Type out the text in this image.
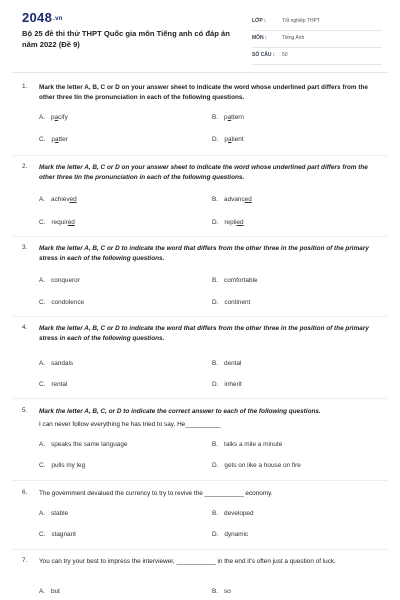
2048.vn
Bộ 25 đề thi thử THPT Quốc gia môn Tiếng anh có đáp án năm 2022 (Đề 9)
LỚP :	Tốt nghiệp THPT
MÔN :	Tiếng Anh
SỐ CÂU : 50
1. Mark the letter A, B, C or D on your answer sheet to indicate the word whose underlined part differs from the other three tin the pronunciation in each of the following questions.
A. pacify	B. pattern
C. patter	D. patient
2. Mark the letter A, B, C or D on your answer sheet to indicate the word whose underlined part differs from the other three tin the pronunciation in each of the following questions.
A. achieved	B. advanced
C. required	D. replied
3. Mark the letter A, B, C or D to indicate the word that differs from the other three in the position of the primary stress in each of the following questions.
A. conqueror	B. comfortable
C. condolence	D. continent
4. Mark the letter A, B, C or D to indicate the word that differs from the other three in the position of the primary stress in each of the following questions.
A. sandals	B. dental
C. rental	D. inherit
5. Mark the letter A, B, C, or D to indicate the correct answer to each of the following questions.
I can never follow everything he has tried to say. He__________
A. speaks the same language	B. talks a mile a minute
C. pulls my leg	D. gets on like a house on fire
6. The government devalued the currency to try to revive the ___________ economy.
A. stable	B. developed
C. stagnant	D. dynamic
7. You can try your best to impress the interviewer, ___________ in the end it's often just a question of luck.
A. but	B. so
